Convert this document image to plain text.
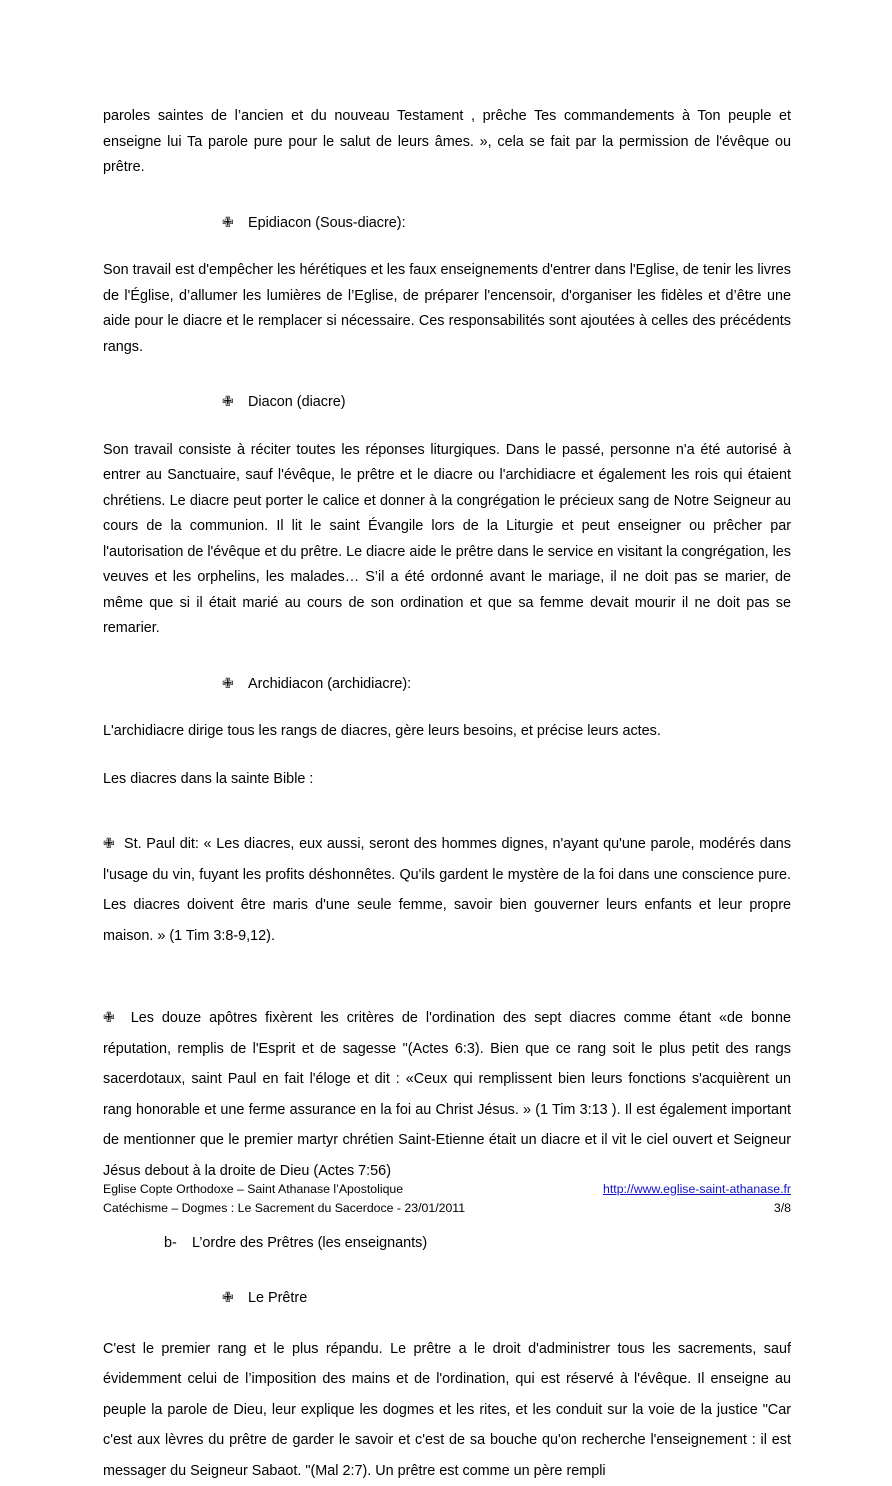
paroles saintes de l’ancien et du nouveau Testament , prêche Tes commandements à Ton peuple et enseigne lui Ta parole pure pour le salut de leurs âmes. », cela se fait par la permission de l'évêque ou prêtre.

✙ Epidiacon (Sous-diacre):

Son travail est d'empêcher les hérétiques et les faux enseignements d'entrer dans l'Eglise, de tenir les livres de l'Église, d’allumer les lumières de l’Eglise, de préparer l'encensoir, d'organiser les fidèles et d’être une aide pour le diacre et le remplacer si nécessaire. Ces responsabilités sont ajoutées à celles des précédents rangs.

✙ Diacon (diacre)

Son travail consiste à réciter toutes les réponses liturgiques. Dans le passé, personne n'a été autorisé à entrer au Sanctuaire, sauf l'évêque, le prêtre et le diacre ou l'archidiacre et également les rois qui étaient chrétiens. Le diacre peut porter le calice et donner à la congrégation le précieux sang de Notre Seigneur au cours de la communion. Il lit le saint Évangile lors de la Liturgie et peut enseigner ou prêcher par l'autorisation de l'évêque et du prêtre. Le diacre aide le prêtre dans le service en visitant la congrégation, les veuves et les orphelins, les malades… S’il a été ordonné avant le mariage, il ne doit pas se marier, de même que si il était marié au cours de son ordination et que sa femme devait mourir il ne doit pas se remarier.

✙ Archidiacon (archidiacre):

L'archidiacre dirige tous les rangs de diacres, gère leurs besoins, et précise leurs actes.

Les diacres dans la sainte Bible :

✙ St. Paul dit: « Les diacres, eux aussi, seront des hommes dignes, n'ayant qu'une parole, modérés dans l'usage du vin, fuyant les profits déshonnêtes. Qu'ils gardent le mystère de la foi dans une conscience pure. Les diacres doivent être maris d'une seule femme, savoir bien gouverner leurs enfants et leur propre maison. » (1 Tim 3:8-9,12).

✙ Les douze apôtres fixèrent les critères de l'ordination des sept diacres comme étant «de bonne réputation, remplis de l'Esprit et de sagesse "(Actes 6:3). Bien que ce rang soit le plus petit des rangs sacerdotaux, saint Paul en fait l'éloge et dit : «Ceux qui remplissent bien leurs fonctions s'acquièrent un rang honorable et une ferme assurance en la foi au Christ Jésus. » (1 Tim 3:13 ). Il est également important de mentionner que le premier martyr chrétien Saint-Etienne était un diacre et il vit le ciel ouvert et Seigneur Jésus debout à la droite de Dieu (Actes 7:56)

b- L’ordre des Prêtres (les enseignants)
✙ Le Prêtre

C'est le premier rang et le plus répandu. Le prêtre a le droit d'administrer tous les sacrements, sauf évidemment celui de l’imposition des mains et de l'ordination, qui est réservé à l'évêque. Il enseigne au peuple la parole de Dieu, leur explique les dogmes et les rites, et les conduit sur la voie de la justice "Car c'est aux lèvres du prêtre de garder le savoir et c'est de sa bouche qu'on recherche l'enseignement : il est messager du Seigneur Sabaot. "(Mal 2:7). Un prêtre est comme un père rempli

Eglise Copte Orthodoxe – Saint Athanase l’Apostolique	http://www.eglise-saint-athanase.fr
Catéchisme – Dogmes : Le Sacrement du Sacerdoce - 23/01/2011	3/8
